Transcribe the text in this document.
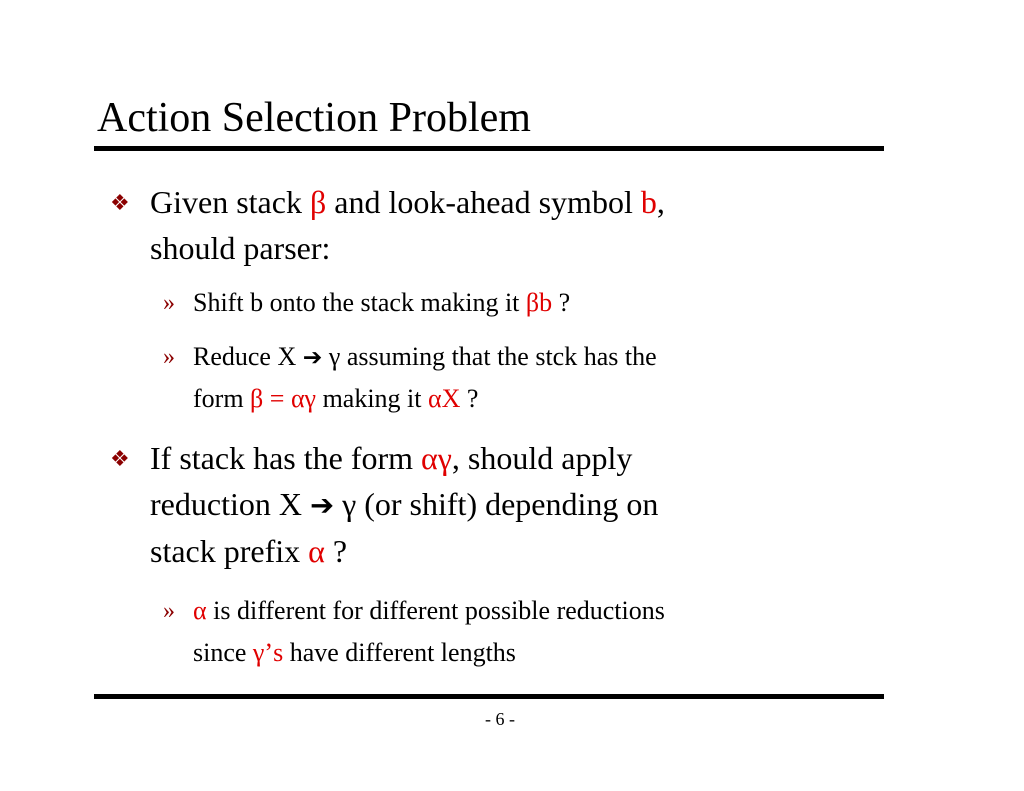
Action Selection Problem
❖ Given stack β and look-ahead symbol b,
should parser:
» Shift b onto the stack making it βb ?
» Reduce X ➔ γ assuming that the stck has the
form β = αγ making it αX ?
❖ If stack has the form αγ, should apply
reduction X ➔ γ (or shift) depending on
stack prefix α ?
» α is different for different possible reductions
since γ’s have different lengths
- 6 -
